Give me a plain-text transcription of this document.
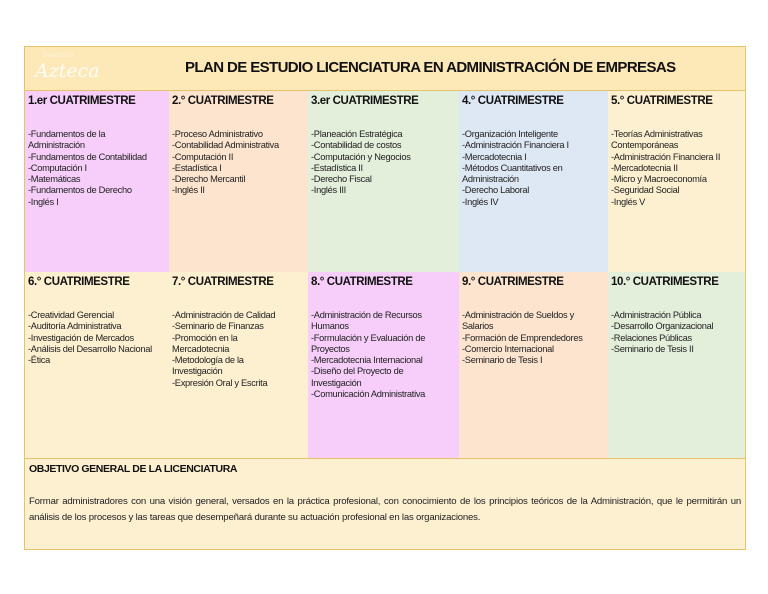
Instituto
Azteca	PLAN DE ESTUDIO LICENCIATURA EN ADMINISTRACIÓN DE EMPRESAS
1.er CUATRIMESTRE
-Fundamentos de la
Administración
-Fundamentos de Contabilidad
-Computación I
-Matemáticas
-Fundamentos de Derecho
-Inglés I
2.° CUATRIMESTRE
-Proceso Administrativo
-Contabilidad Administrativa
-Computación II
-Estadística I
-Derecho Mercantil
-Inglés II
3.er CUATRIMESTRE
-Planeación Estratégica
-Contabilidad de costos
-Computación y Negocios
-Estadística II
-Derecho Fiscal
-Inglés III
4.° CUATRIMESTRE
-Organización Inteligente
-Administración Financiera I
-Mercadotecnia I
-Métodos Cuantitativos en
Administración
-Derecho Laboral
-Inglés IV
5.° CUATRIMESTRE
-Teorías Administrativas
Contemporáneas
-Administración Financiera II
-Mercadotecnia II
-Micro y Macroeconomía
-Seguridad Social
-Inglés V
6.° CUATRIMESTRE
-Creatividad Gerencial
-Auditoría Administrativa
-Investigación de Mercados
-Análisis del Desarrollo Nacional
-Ética
7.° CUATRIMESTRE
-Administración de Calidad
-Seminario de Finanzas
-Promoción en la
Mercadotecnia
-Metodología de la
Investigación
-Expresión Oral y Escrita
8.° CUATRIMESTRE
-Administración de Recursos
Humanos
-Formulación y Evaluación de
Proyectos
-Mercadotecnia Internacional
-Diseño del Proyecto de
Investigación
-Comunicación Administrativa
9.° CUATRIMESTRE
-Administración de Sueldos y
Salarios
-Formación de Emprendedores
-Comercio Internacional
-Seminario de Tesis I
10.° CUATRIMESTRE
-Administración Pública
-Desarrollo Organizacional
-Relaciones Públicas
-Seminario de Tesis II
OBJETIVO GENERAL DE LA LICENCIATURA

Formar administradores con una visión general, versados en la práctica profesional, con conocimiento de los principios teóricos de la Administración, que le permitirán un análisis de los procesos y las tareas que desempeñará durante su actuación profesional en las organizaciones.
